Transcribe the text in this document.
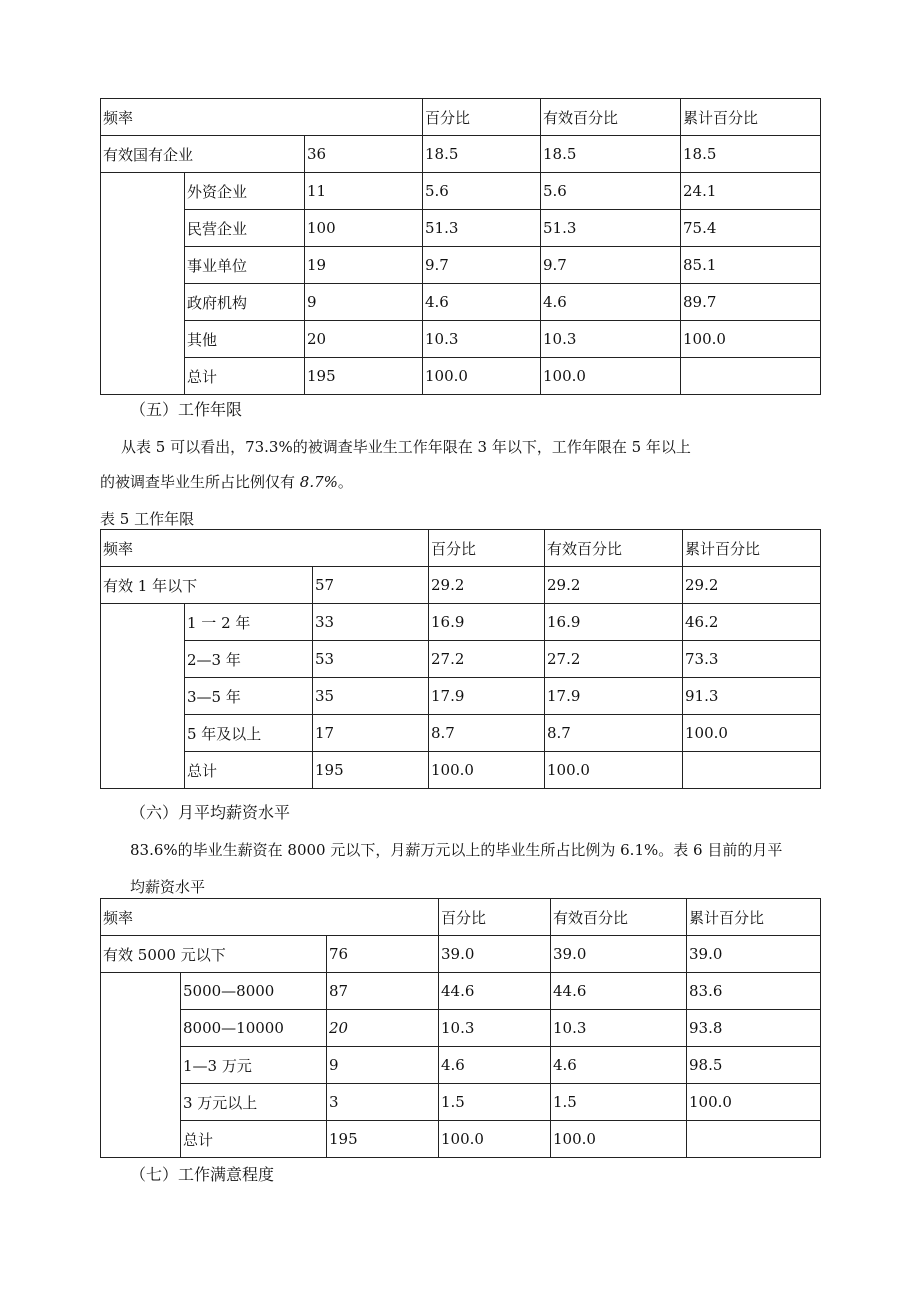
频率			百分比	有效百分比	累计百分比
有效国有企业		36	18.5	18.5	18.5
	外资企业	11	5.6	5.6	24.1
	民营企业	100	51.3	51.3	75.4
	事业单位	19	9.7	9.7	85.1
	政府机构	9	4.6	4.6	89.7
	其他	20	10.3	10.3	100.0
	总计	195	100.0	100.0	
（五）工作年限
从表 5 可以看出，73.3%的被调查毕业生工作年限在 3 年以下，工作年限在 5 年以上
的被调查毕业生所占比例仅有 8.7%。
表 5 工作年限
频率			百分比	有效百分比	累计百分比
有效 1 年以下		57	29.2	29.2	29.2
	1 一 2 年	33	16.9	16.9	46.2
	2—3 年	53	27.2	27.2	73.3
	3—5 年	35	17.9	17.9	91.3
	5 年及以上	17	8.7	8.7	100.0
	总计	195	100.0	100.0	
（六）月平均薪资水平
83.6%的毕业生薪资在 8000 元以下，月薪万元以上的毕业生所占比例为 6.1%。表 6 目前的月平
均薪资水平
频率			百分比	有效百分比	累计百分比
有效 5000 元以下		76	39.0	39.0	39.0
	5000—8000	87	44.6	44.6	83.6
	8000—10000	20	10.3	10.3	93.8
	1—3 万元	9	4.6	4.6	98.5
	3 万元以上	3	1.5	1.5	100.0
	总计	195	100.0	100.0	
（七）工作满意程度
